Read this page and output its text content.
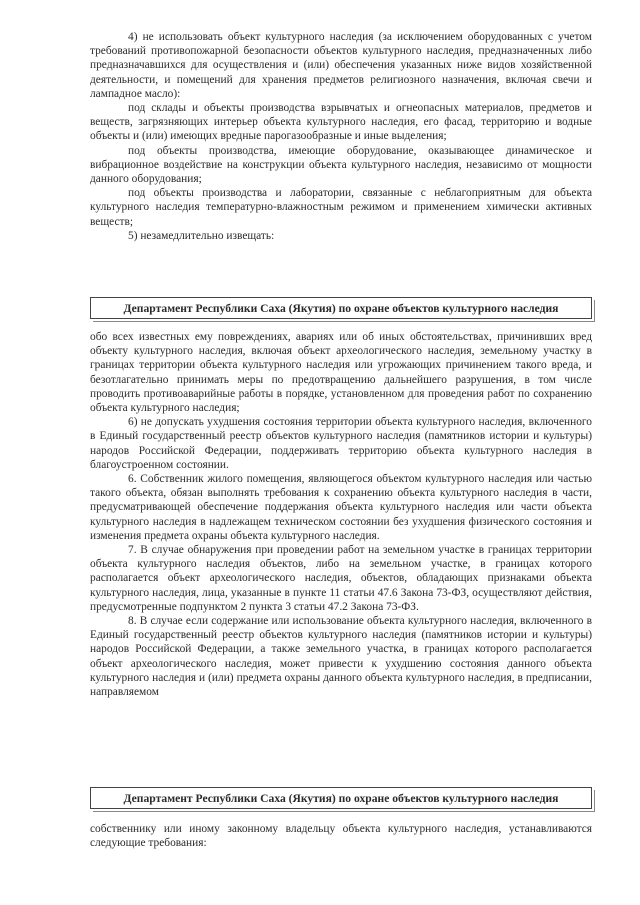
4) не использовать объект культурного наследия (за исключением оборудованных с учетом требований противопожарной безопасности объектов культурного наследия, предназначенных либо предназначавшихся для осуществления и (или) обеспечения указанных ниже видов хозяйственной деятельности, и помещений для хранения предметов религиозного назначения, включая свечи и лампадное масло):

под склады и объекты производства взрывчатых и огнеопасных материалов, предметов и веществ, загрязняющих интерьер объекта культурного наследия, его фасад, территорию и водные объекты и (или) имеющих вредные парогазообразные и иные выделения;

под объекты производства, имеющие оборудование, оказывающее динамическое и вибрационное воздействие на конструкции объекта культурного наследия, независимо от мощности данного оборудования;

под объекты производства и лаборатории, связанные с неблагоприятным для объекта культурного наследия температурно-влажностным режимом и применением химически активных веществ;

5) незамедлительно извещать:

Департамент Республики Саха (Якутия) по охране объектов культурного наследия

обо всех известных ему повреждениях, авариях или об иных обстоятельствах, причинивших вред объекту культурного наследия, включая объект археологического наследия, земельному участку в границах территории объекта культурного наследия или угрожающих причинением такого вреда, и безотлагательно принимать меры по предотвращению дальнейшего разрушения, в том числе проводить противоаварийные работы в порядке, установленном для проведения работ по сохранению объекта культурного наследия;

6) не допускать ухудшения состояния территории объекта культурного наследия, включенного в Единый государственный реестр объектов культурного наследия (памятников истории и культуры) народов Российской Федерации, поддерживать территорию объекта культурного наследия в благоустроенном состоянии.

6. Собственник жилого помещения, являющегося объектом культурного наследия или частью такого объекта, обязан выполнять требования к сохранению объекта культурного наследия в части, предусматривающей обеспечение поддержания объекта культурного наследия или части объекта культурного наследия в надлежащем техническом состоянии без ухудшения физического состояния и изменения предмета охраны объекта культурного наследия.

7. В случае обнаружения при проведении работ на земельном участке в границах территории объекта культурного наследия объектов, либо на земельном участке, в границах которого располагается объект археологического наследия, объектов, обладающих признаками объекта культурного наследия, лица, указанные в пункте 11 статьи 47.6 Закона 73-ФЗ, осуществляют действия, предусмотренные подпунктом 2 пункта 3 статьи 47.2 Закона 73-ФЗ.

8. В случае если содержание или использование объекта культурного наследия, включенного в Единый государственный реестр объектов культурного наследия (памятников истории и культуры) народов Российской Федерации, а также земельного участка, в границах которого располагается объект археологического наследия, может привести к ухудшению состояния данного объекта культурного наследия и (или) предмета охраны данного объекта культурного наследия, в предписании, направляемом

Департамент Республики Саха (Якутия) по охране объектов культурного наследия

собственнику или иному законному владельцу объекта культурного наследия, устанавливаются следующие требования:
